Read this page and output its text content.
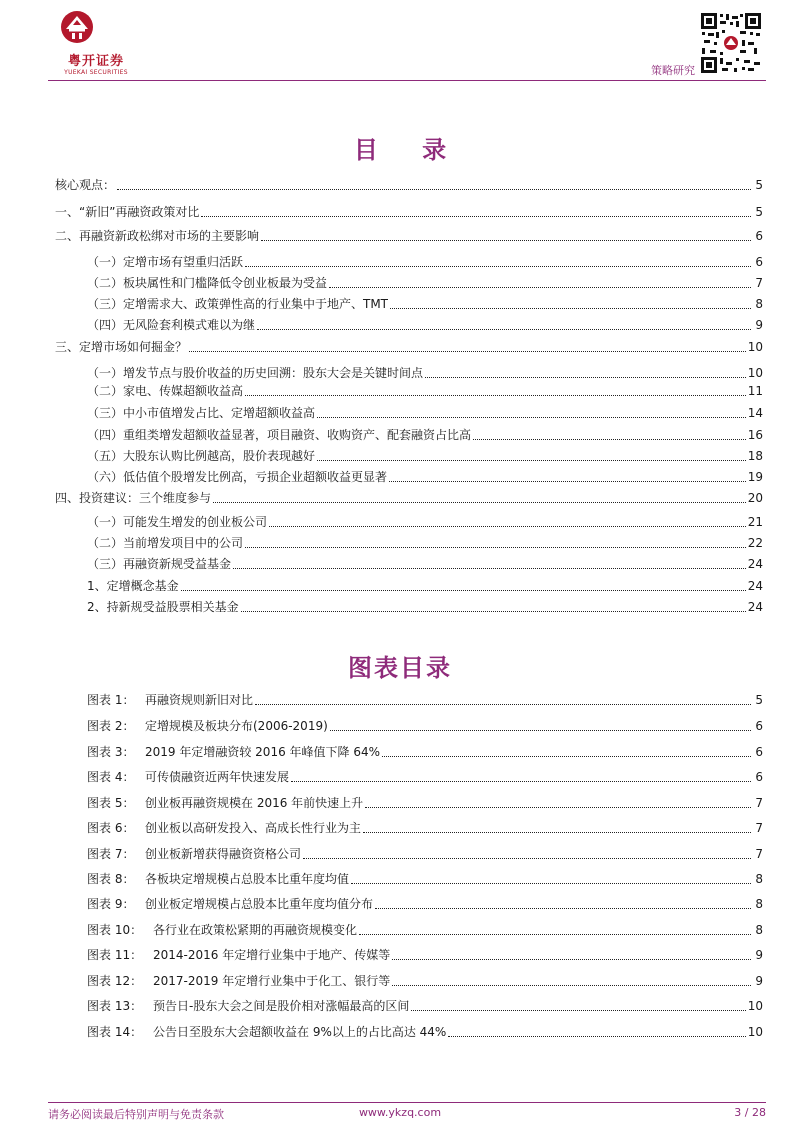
粤开证券
YUEKAI SECURITIES	策略研究
目 录
核心观点：	5
一、“新旧”再融资政策对比	5
二、再融资新政松绑对市场的主要影响	6
（一）定增市场有望重归活跃	6
（二）板块属性和门槛降低令创业板最为受益	7
（三）定增需求大、政策弹性高的行业集中于地产、TMT	8
（四）无风险套利模式难以为继	9
三、定增市场如何掘金？	10
（一）增发节点与股价收益的历史回溯：股东大会是关键时间点	10
（二）家电、传媒超额收益高	11
（三）中小市值增发占比、定增超额收益高	14
（四）重组类增发超额收益显著，项目融资、收购资产、配套融资占比高	16
（五）大股东认购比例越高，股价表现越好	18
（六）低估值个股增发比例高，亏损企业超额收益更显著	19
四、投资建议：三个维度参与	20
（一）可能发生增发的创业板公司	21
（二）当前增发项目中的公司	22
（三）再融资新规受益基金	24
1、定增概念基金	24
2、持新规受益股票相关基金	24
图表目录
图表 1： 再融资规则新旧对比	5
图表 2： 定增规模及板块分布(2006-2019)	6
图表 3： 2019 年定增融资较 2016 年峰值下降 64%	6
图表 4： 可传债融资近两年快速发展	6
图表 5： 创业板再融资规模在 2016 年前快速上升	7
图表 6： 创业板以高研发投入、高成长性行业为主	7
图表 7： 创业板新增获得融资资格公司	7
图表 8： 各板块定增规模占总股本比重年度均值	8
图表 9： 创业板定增规模占总股本比重年度均值分布	8
图表 10： 各行业在政策松紧期的再融资规模变化	8
图表 11： 2014-2016 年定增行业集中于地产、传媒等	9
图表 12： 2017-2019 年定增行业集中于化工、银行等	9
图表 13： 预告日-股东大会之间是股价相对涨幅最高的区间	10
图表 14： 公告日至股东大会超额收益在 9%以上的占比高达 44%	10
请务必阅读最后特别声明与免责条款	www.ykzq.com	3 / 28
